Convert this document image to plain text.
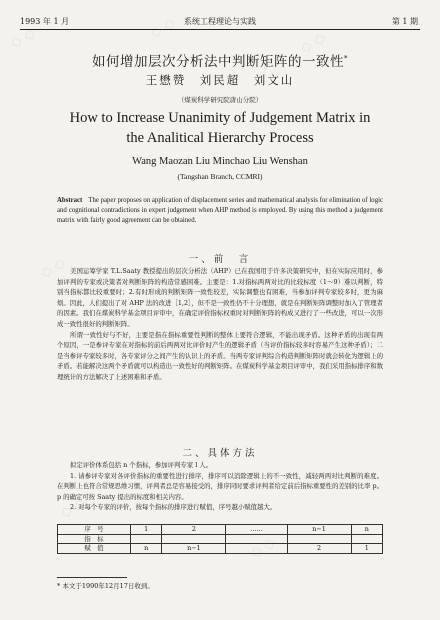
◇ ◇	◇ ◇
◇ ◇
◇ ◇
◇ ◇
◇ ◇
◇ ◇
◇ ◇
1993 年 1 月	系统工程理论与实践	第 1 期
如何增加层次分析法中判断矩阵的一致性*
王懋赞　刘民超　刘文山
（煤炭科学研究院唐山分院）
How to Increase Unanimity of Judgement Matrix in
the Analitical Hierarchy Process
Wang Maozan Liu Minchao Liu Wenshan
(Tangshan Branch, CCMRI)
Abstract The paper proposes on application of displacement series and mathematical analysis for elimination of logic and cognitional contradictions in expert judgement when AHP method is employed. By using this method a judgement matrix with fairly good agreement can be obtained.
一、前　言

美国运筹学家 T.L.Saaty 教授提出的层次分析法（AHP）已在我国用于许多决策研究中，但在实际应用时，参加评判的专家或决策者对判断矩阵的构造常感困难。主要是：1.对指标两两对比的比较标度（1～9）难以判断，特别当指标都比较重要时；2.有时形成的判断矩阵一致性较差，实际调整也有困难，当参加评判专家较多时，更为麻烦。因此，人们提出了对 AHP 法的改进［1,2］，但不是一致性仍不十分理想，就是在判断矩阵调整时加入了管理者的因素。我们在煤炭科学基金项目评审中，在确定评价指标权重时对判断矩阵的构成又进行了一些改进，可以一次形成一致性很好的判断矩阵。

所谓一致性好与不好，主要是指在指标重要性判断的整体上要符合逻辑，不能出现矛盾。这种矛盾的出现有两个原因，一是参评专家在对指标的前后两两对比评价时产生的逻辑矛盾（当评价指标较多时容易产生这种矛盾）；二是当参评专家较多时，各专家评分之间产生的认识上的矛盾。当两专家评判综合构造判断矩阵时就会转化为逻辑上的矛盾。若能解决这两个矛盾就可以构造出一致性好的判断矩阵。在煤炭科学基金项目评审中，我们采用指标排序和数理统计的方法解决了上述困难和矛盾。

二、具体方法

拟定评价体系包括 n 个指标，参加评判专家 l 人。

1. 请参评专家对各评价指标的重要性进行排序，排序可以消除逻辑上的不一致性，减轻两两对比判断的难度。在判断上也符合常规思维习惯，评判者总是容易接受的，排序同时要求评判者给定前后指标重要性的差别的比率 p。p 的确定可按 Saaty 提出的标度和相关内容。

2. 对每个专家的评价，按每个指标的排序进行赋值，序号越小赋值越大。

序　号	1	2	……	n−1	n
指　标					
赋　值	n	n−1		2	1
* 本文于1990年12月17日收到。
